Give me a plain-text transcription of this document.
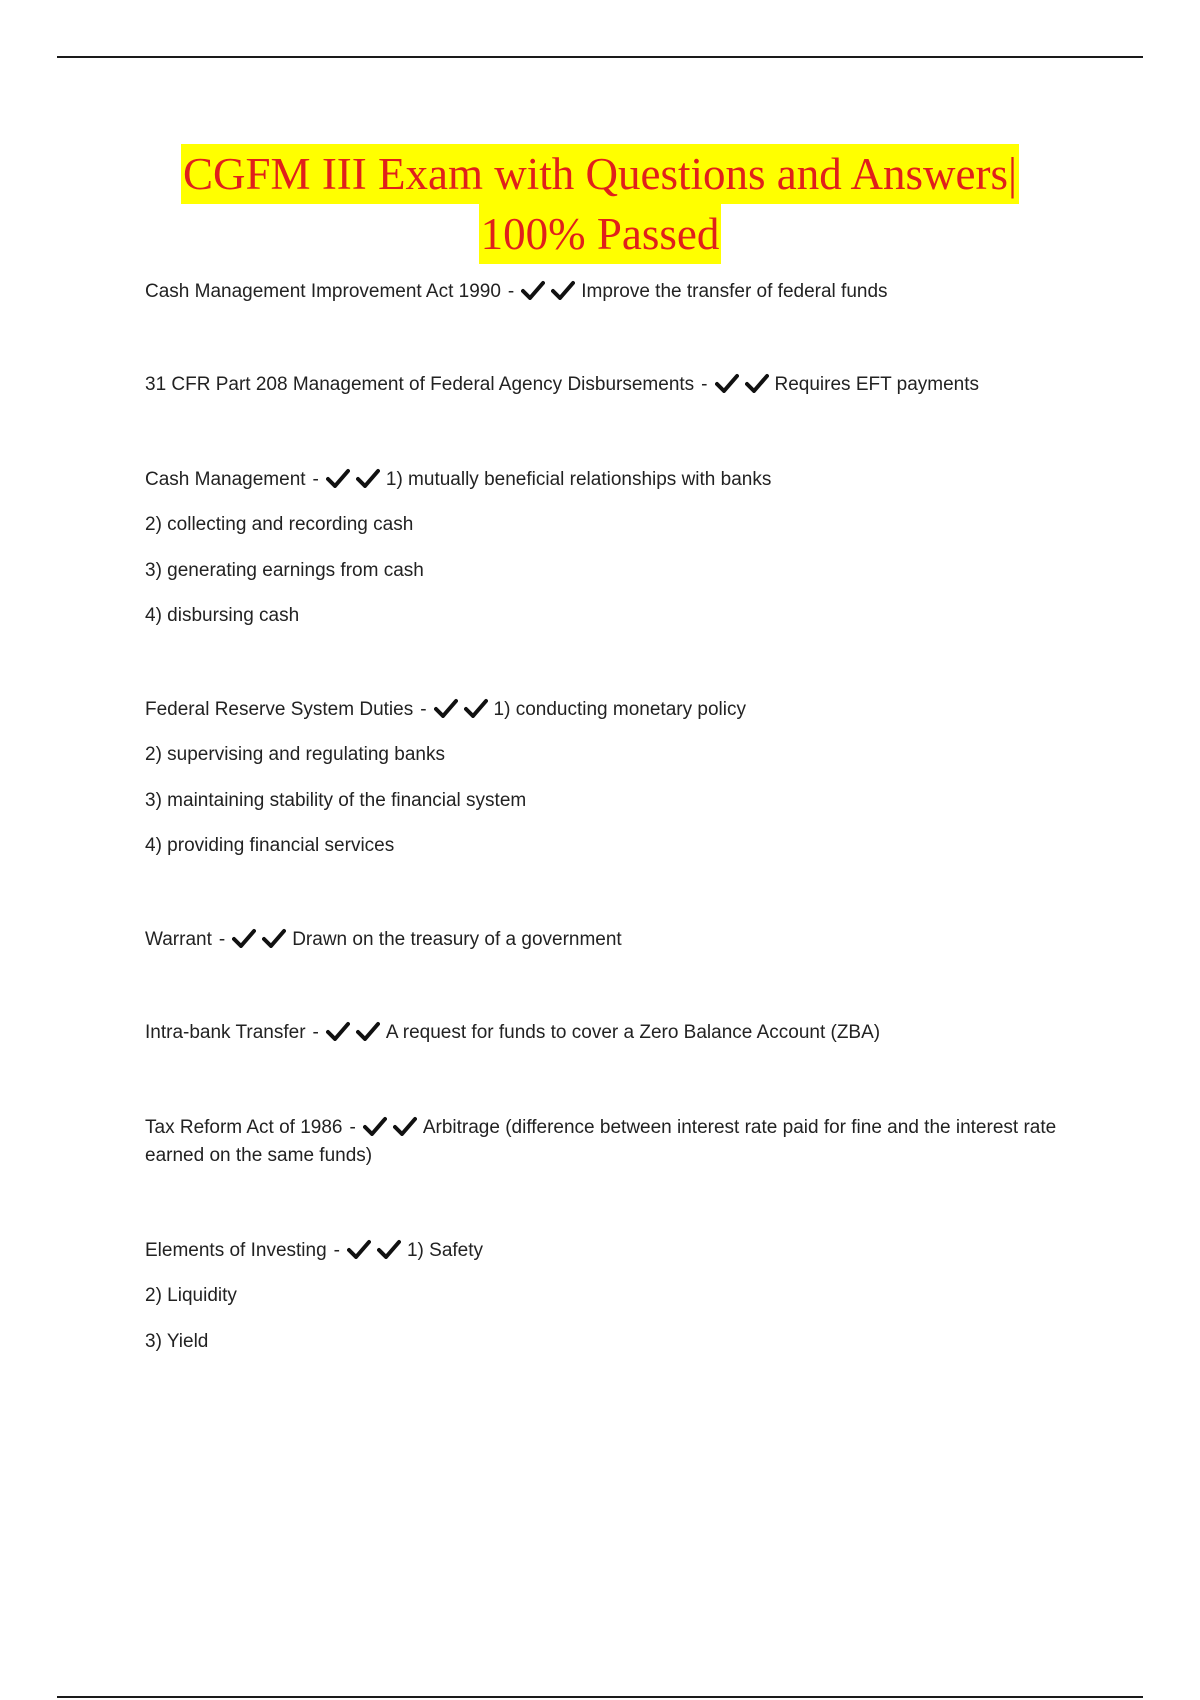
CGFM III Exam with Questions and Answers|
100% Passed
Cash Management Improvement Act 1990 -	Improve the transfer of federal funds
31 CFR Part 208 Management of Federal Agency Disbursements -	Requires EFT payments
Cash Management -	1) mutually beneficial relationships with banks
2) collecting and recording cash
3) generating earnings from cash
4) disbursing cash
Federal Reserve System Duties -	1) conducting monetary policy
2) supervising and regulating banks
3) maintaining stability of the financial system
4) providing financial services
Warrant -	Drawn on the treasury of a government
Intra-bank Transfer -	A request for funds to cover a Zero Balance Account (ZBA)
Tax Reform Act of 1986 -	Arbitrage (difference between interest rate paid for fine and the interest rate earned on the same funds)
Elements of Investing -	1) Safety
2) Liquidity
3) Yield
